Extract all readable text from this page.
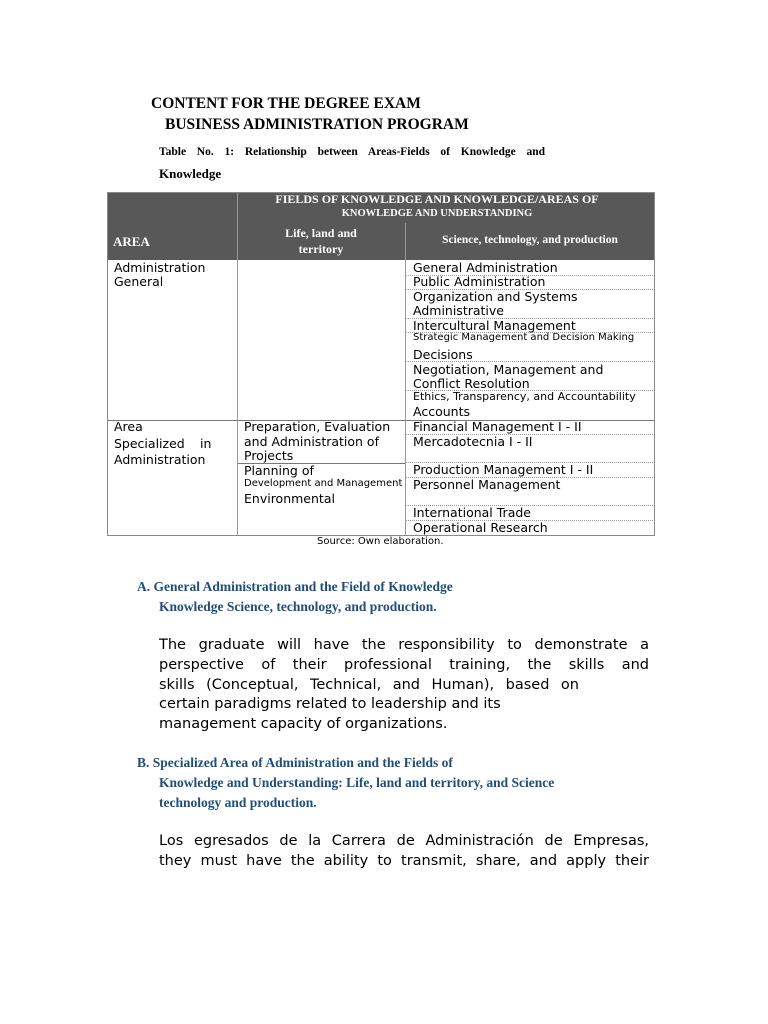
CONTENT FOR THE DEGREE EXAM
BUSINESS ADMINISTRATION PROGRAM
Table No. 1: Relationship between Areas-Fields of Knowledge and
Knowledge
FIELDS OF KNOWLEDGE AND KNOWLEDGE/AREAS OF
KNOWLEDGE AND UNDERSTANDING
AREA
Life, land and
territory
Science, technology, and production
Administration
General
General Administration
Public Administration
Organization and Systems
Administrative
Intercultural Management
Strategic Management and Decision Making
Decisions
Negotiation, Management and
Conflict Resolution
Ethics, Transparency, and Accountability
Accounts
Area
Specialized in
Administration
Preparation, Evaluation
and Administration of
Projects
Planning of
Development and Management
Environmental
Financial Management I - II
Mercadotecnia I - II
Production Management I - II
Personnel Management
International Trade
Operational Research
Source: Own elaboration.
A. General Administration and the Field of Knowledge
Knowledge Science, technology, and production.
The graduate will have the responsibility to demonstrate a
perspective of their professional training, the skills and
skills (Conceptual, Technical, and Human), based on
certain paradigms related to leadership and its
management capacity of organizations.
B. Specialized Area of Administration and the Fields of
Knowledge and Understanding: Life, land and territory, and Science
technology and production.
Los egresados de la Carrera de Administración de Empresas,
they must have the ability to transmit, share, and apply their
